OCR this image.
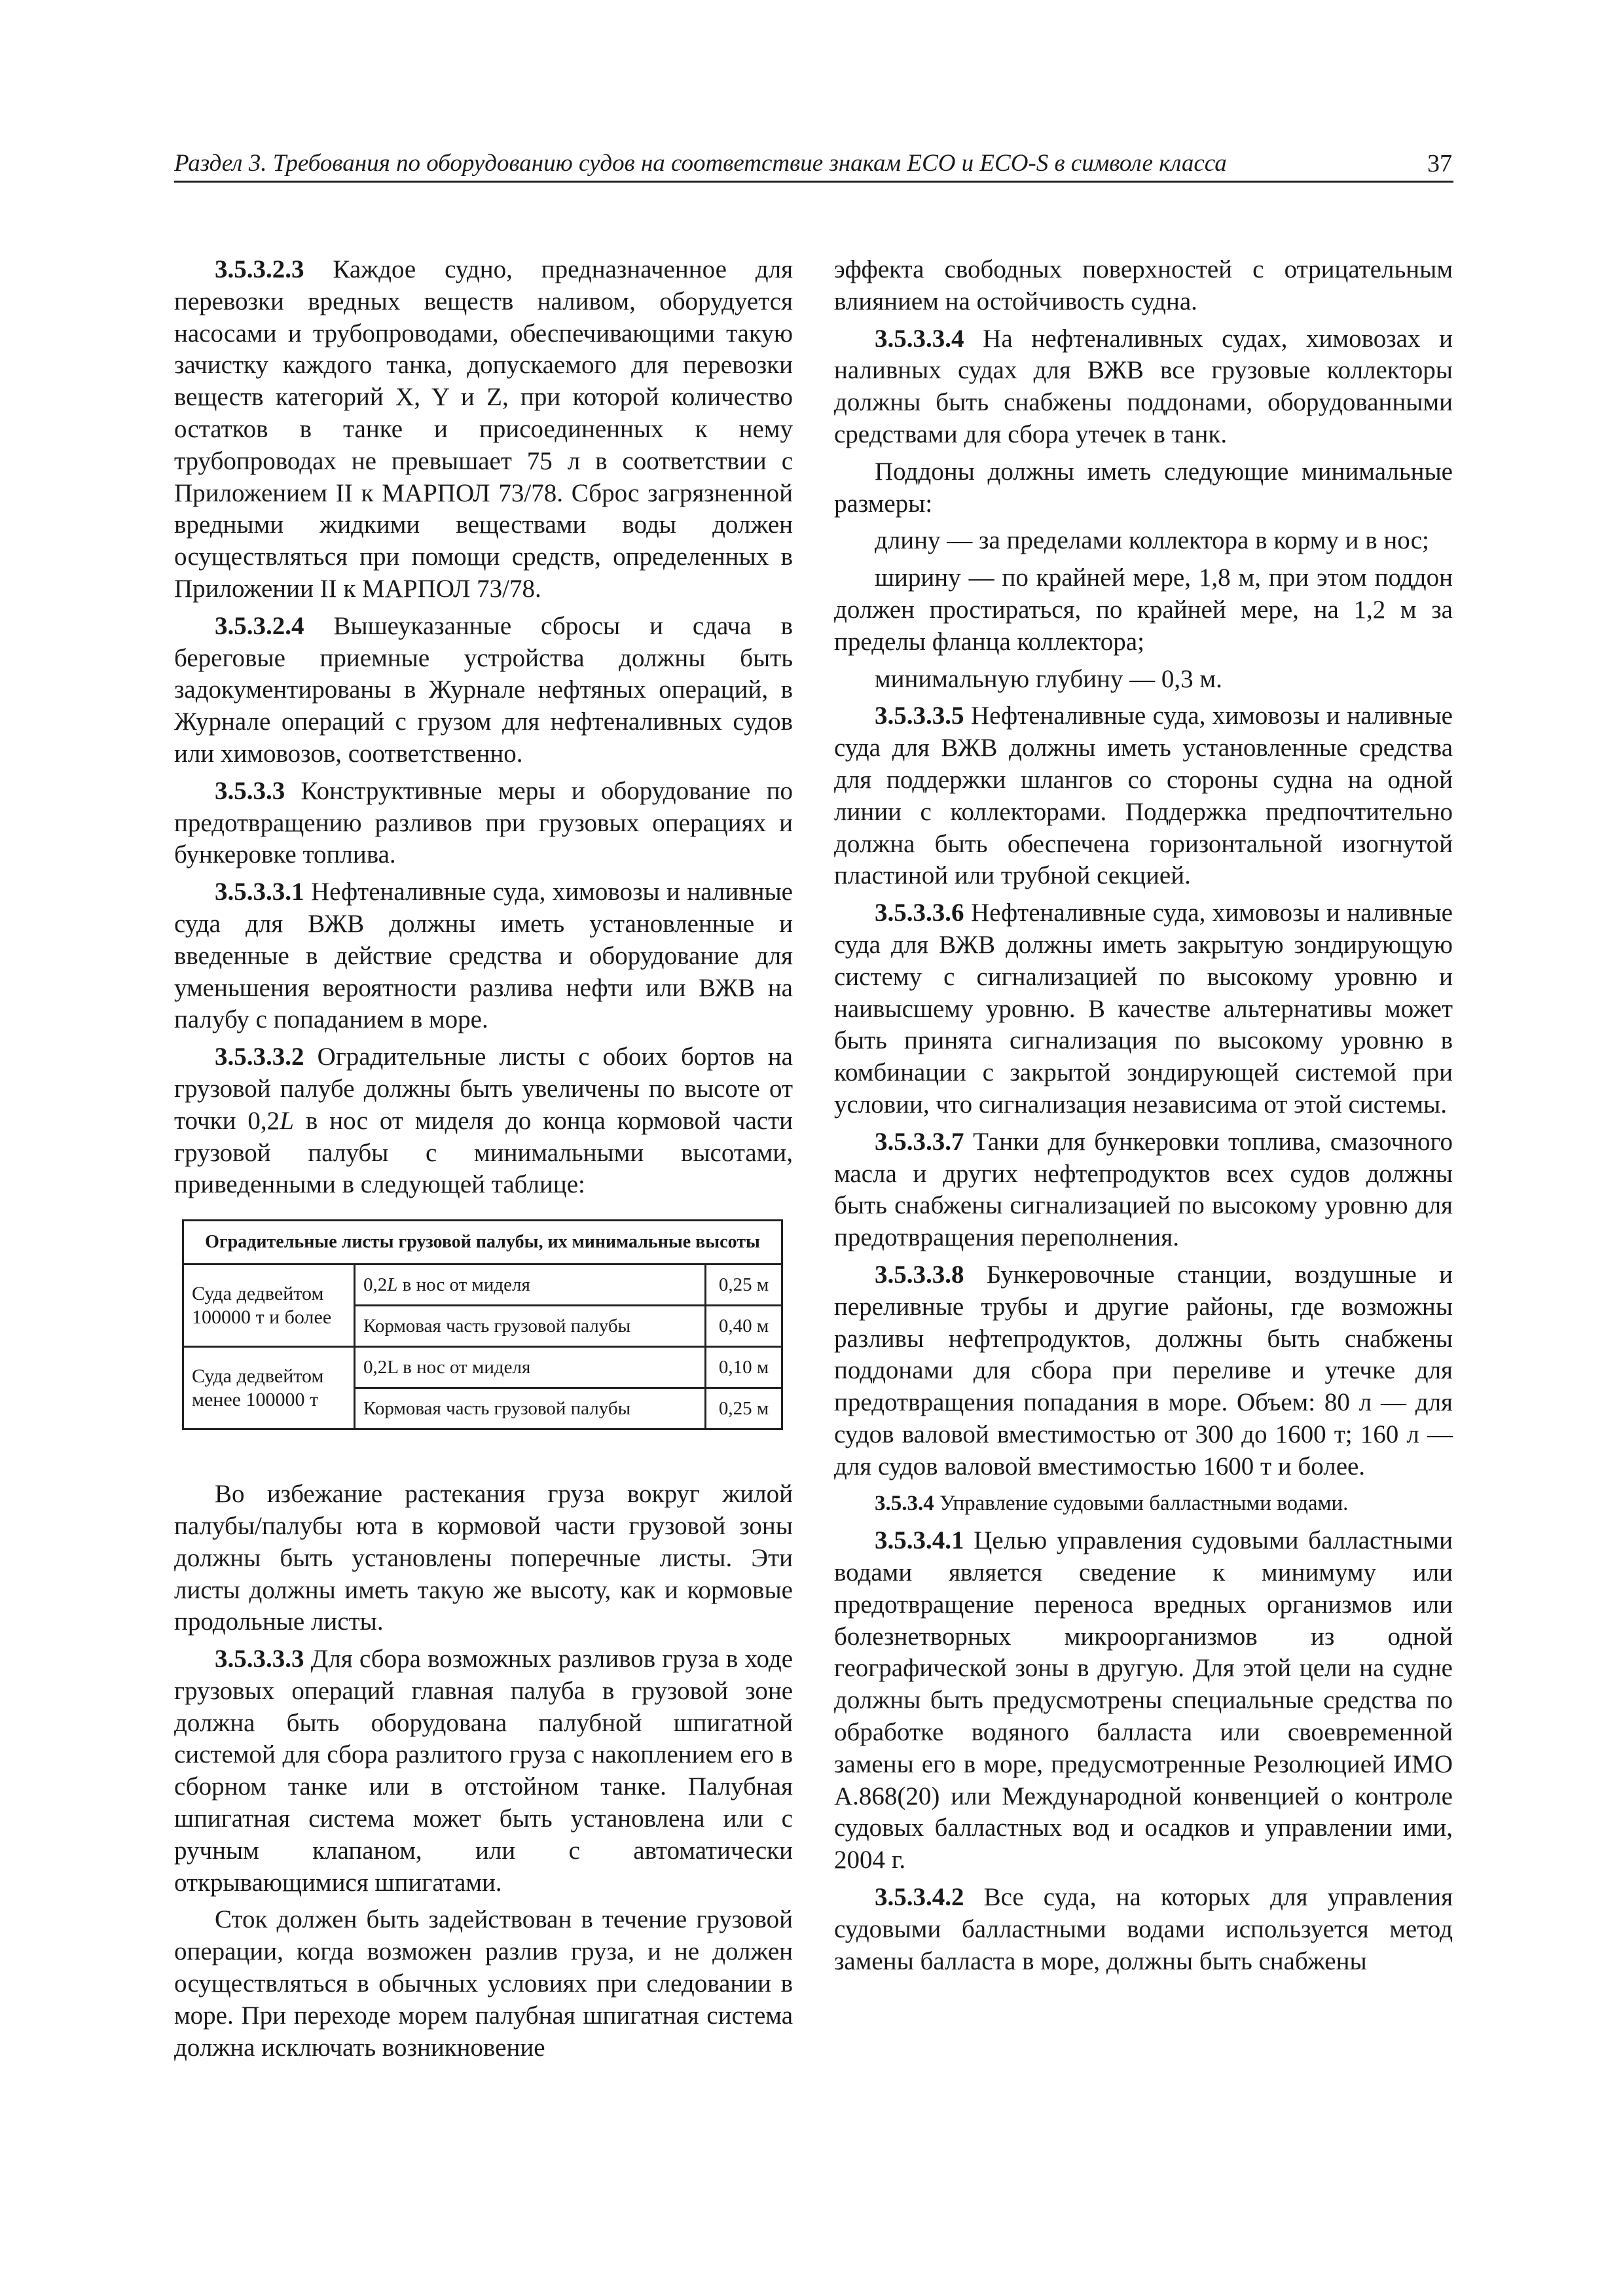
Раздел 3. Требования по оборудованию судов на соответствие знакам ECO и ECO-S в символе класса	37

3.5.3.2.3 Каждое судно, предназначенное для перевозки вредных веществ наливом, оборудуется насосами и трубопроводами, обеспечивающими такую зачистку каждого танка, допускаемого для перевозки веществ категорий X, Y и Z, при которой количество остатков в танке и присоединенных к нему трубопроводах не превышает 75 л в соответствии с Приложением II к МАРПОЛ 73/78. Сброс загрязненной вредными жидкими веществами воды должен осуществляться при помощи средств, определенных в Приложении II к МАРПОЛ 73/78.

3.5.3.2.4 Вышеуказанные сбросы и сдача в береговые приемные устройства должны быть задокументированы в Журнале нефтяных операций, в Журнале операций с грузом для нефтеналивных судов или химовозов, соответственно.

3.5.3.3 Конструктивные меры и оборудование по предотвращению разливов при грузовых операциях и бункеровке топлива.

3.5.3.3.1 Нефтеналивные суда, химовозы и наливные суда для ВЖВ должны иметь установленные и введенные в действие средства и оборудование для уменьшения вероятности разлива нефти или ВЖВ на палубу с попаданием в море.

3.5.3.3.2 Оградительные листы с обоих бортов на грузовой палубе должны быть увеличены по высоте от точки 0,2L в нос от миделя до конца кормовой части грузовой палубы с минимальными высотами, приведенными в следующей таблице:

Оградительные листы грузовой палубы, их минимальные высоты		
Суда дедвейтом 100000 т и более	0,2L в нос от миделя	0,25 м
	Кормовая часть грузовой палубы	0,40 м
Суда дедвейтом менее 100000 т	0,2L в нос от миделя	0,10 м
	Кормовая часть грузовой палубы	0,25 м

Во избежание растекания груза вокруг жилой палубы/палубы юта в кормовой части грузовой зоны должны быть установлены поперечные листы. Эти листы должны иметь такую же высоту, как и кормовые продольные листы.

3.5.3.3.3 Для сбора возможных разливов груза в ходе грузовых операций главная палуба в грузовой зоне должна быть оборудована палубной шпигатной системой для сбора разлитого груза с накоплением его в сборном танке или в отстойном танке. Палубная шпигатная система может быть установлена или с ручным клапаном, или с автоматически открывающимися шпигатами.

Сток должен быть задействован в течение грузовой операции, когда возможен разлив груза, и не должен осуществляться в обычных условиях при следовании в море. При переходе морем палубная шпигатная система должна исключать возникновение

эффекта свободных поверхностей с отрицательным влиянием на остойчивость судна.

3.5.3.3.4 На нефтеналивных судах, химовозах и наливных судах для ВЖВ все грузовые коллекторы должны быть снабжены поддонами, оборудованными средствами для сбора утечек в танк.

Поддоны должны иметь следующие минимальные размеры:

длину — за пределами коллектора в корму и в нос;

ширину — по крайней мере, 1,8 м, при этом поддон должен простираться, по крайней мере, на 1,2 м за пределы фланца коллектора;

минимальную глубину — 0,3 м.

3.5.3.3.5 Нефтеналивные суда, химовозы и наливные суда для ВЖВ должны иметь установленные средства для поддержки шлангов со стороны судна на одной линии с коллекторами. Поддержка предпочтительно должна быть обеспечена горизонтальной изогнутой пластиной или трубной секцией.

3.5.3.3.6 Нефтеналивные суда, химовозы и наливные суда для ВЖВ должны иметь закрытую зондирующую систему с сигнализацией по высокому уровню и наивысшему уровню. В качестве альтернативы может быть принята сигнализация по высокому уровню в комбинации с закрытой зондирующей системой при условии, что сигнализация независима от этой системы.

3.5.3.3.7 Танки для бункеровки топлива, смазочного масла и других нефтепродуктов всех судов должны быть снабжены сигнализацией по высокому уровню для предотвращения переполнения.

3.5.3.3.8 Бункеровочные станции, воздушные и переливные трубы и другие районы, где возможны разливы нефтепродуктов, должны быть снабжены поддонами для сбора при переливе и утечке для предотвращения попадания в море. Объем: 80 л — для судов валовой вместимостью от 300 до 1600 т; 160 л — для судов валовой вместимостью 1600 т и более.

3.5.3.4 Управление судовыми балластными водами.

3.5.3.4.1 Целью управления судовыми балластными водами является сведение к минимуму или предотвращение переноса вредных организмов или болезнетворных микроорганизмов из одной географической зоны в другую. Для этой цели на судне должны быть предусмотрены специальные средства по обработке водяного балласта или своевременной замены его в море, предусмотренные Резолюцией ИМО А.868(20) или Международной конвенцией о контроле судовых балластных вод и осадков и управлении ими, 2004 г.

3.5.3.4.2 Все суда, на которых для управления судовыми балластными водами используется метод замены балласта в море, должны быть снабжены
